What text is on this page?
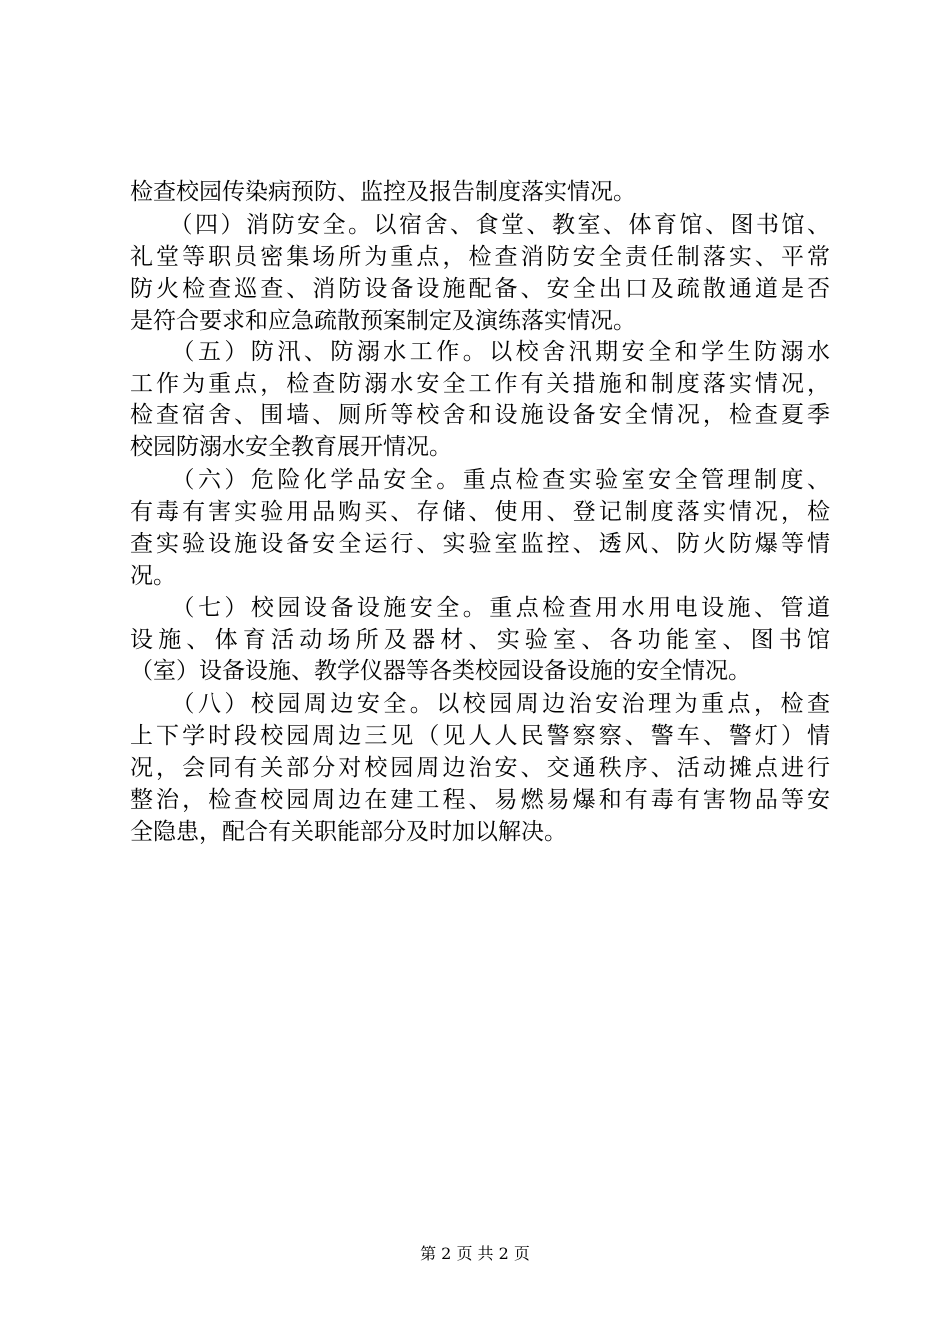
检查校园传染病预防、监控及报告制度落实情况。
　　（四）消防安全。以宿舍、食堂、教室、体育馆、图书馆、
礼堂等职员密集场所为重点，检查消防安全责任制落实、平常
防火检查巡查、消防设备设施配备、安全出口及疏散通道是否
是符合要求和应急疏散预案制定及演练落实情况。
　　（五）防汛、防溺水工作。以校舍汛期安全和学生防溺水
工作为重点，检查防溺水安全工作有关措施和制度落实情况，
检查宿舍、围墙、厕所等校舍和设施设备安全情况，检查夏季
校园防溺水安全教育展开情况。
　　（六）危险化学品安全。重点检查实验室安全管理制度、
有毒有害实验用品购买、存储、使用、登记制度落实情况，检
查实验设施设备安全运行、实验室监控、透风、防火防爆等情
况。
　　（七）校园设备设施安全。重点检查用水用电设施、管道
设施、体育活动场所及器材、实验室、各功能室、图书馆
（室）设备设施、教学仪器等各类校园设备设施的安全情况。
　　（八）校园周边安全。以校园周边治安治理为重点，检查
上下学时段校园周边三见（见人人民警察察、警车、警灯）情
况，会同有关部分对校园周边治安、交通秩序、活动摊点进行
整治，检查校园周边在建工程、易燃易爆和有毒有害物品等安
全隐患，配合有关职能部分及时加以解决。
第 2 页 共 2 页
